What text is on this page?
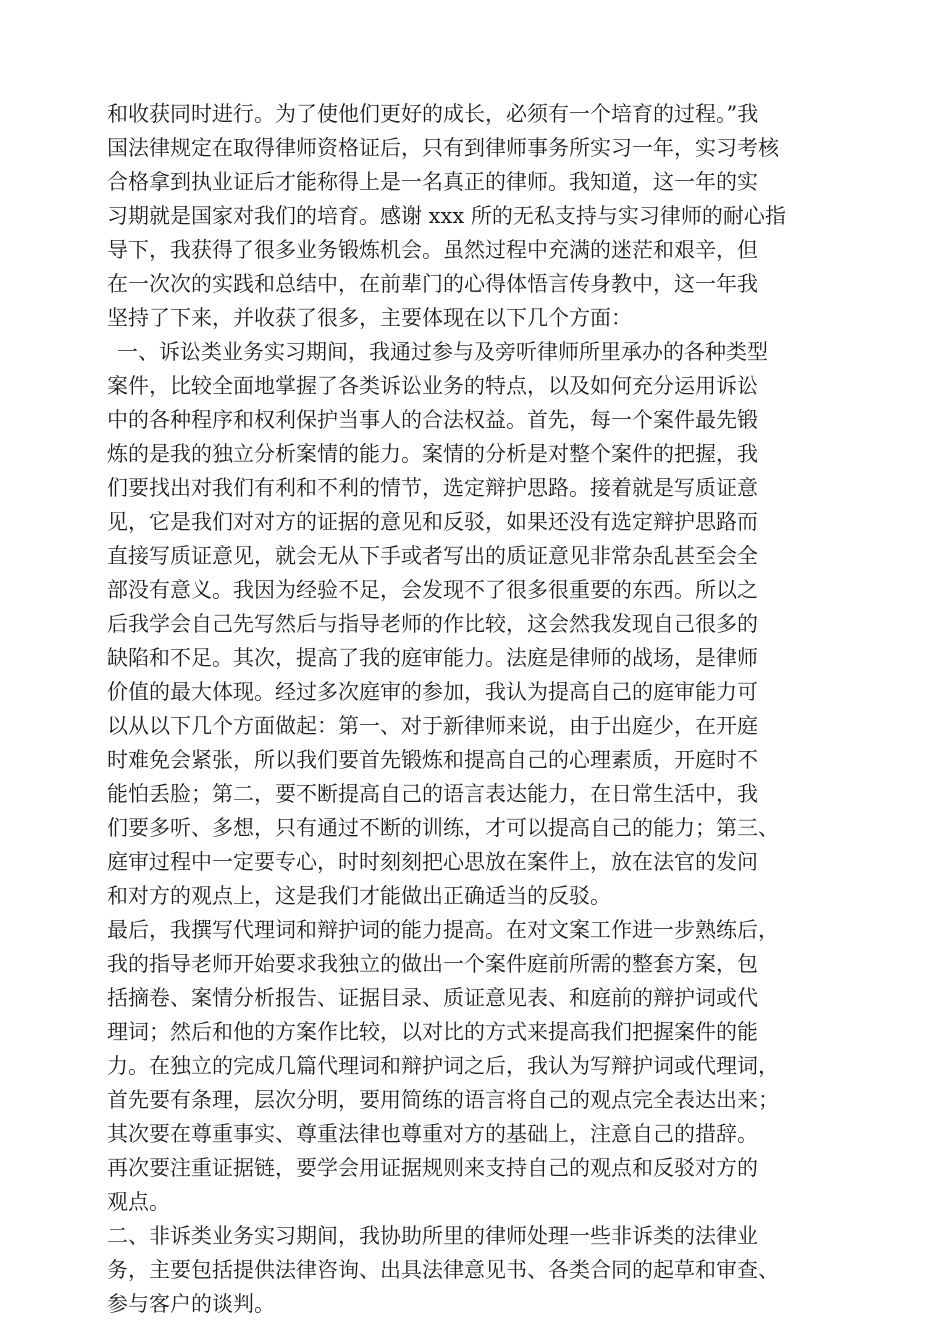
和收获同时进行。为了使他们更好的成长，必须有一个培育的过程。”我
国法律规定在取得律师资格证后，只有到律师事务所实习一年，实习考核
合格拿到执业证后才能称得上是一名真正的律师。我知道，这一年的实
习期就是国家对我们的培育。感谢 xxx 所的无私支持与实习律师的耐心指
导下，我获得了很多业务锻炼机会。虽然过程中充满的迷茫和艰辛，但
在一次次的实践和总结中，在前辈门的心得体悟言传身教中，这一年我
坚持了下来，并收获了很多，主要体现在以下几个方面：
一、诉讼类业务实习期间，我通过参与及旁听律师所里承办的各种类型
案件，比较全面地掌握了各类诉讼业务的特点，以及如何充分运用诉讼
中的各种程序和权利保护当事人的合法权益。首先，每一个案件最先锻
炼的是我的独立分析案情的能力。案情的分析是对整个案件的把握，我
们要找出对我们有利和不利的情节，选定辩护思路。接着就是写质证意
见，它是我们对对方的证据的意见和反驳，如果还没有选定辩护思路而
直接写质证意见，就会无从下手或者写出的质证意见非常杂乱甚至会全
部没有意义。我因为经验不足，会发现不了很多很重要的东西。所以之
后我学会自己先写然后与指导老师的作比较，这会然我发现自己很多的
缺陷和不足。其次，提高了我的庭审能力。法庭是律师的战场，是律师
价值的最大体现。经过多次庭审的参加，我认为提高自己的庭审能力可
以从以下几个方面做起：第一、对于新律师来说，由于出庭少，在开庭
时难免会紧张，所以我们要首先锻炼和提高自己的心理素质，开庭时不
能怕丢脸；第二，要不断提高自己的语言表达能力，在日常生活中，我
们要多听、多想，只有通过不断的训练，才可以提高自己的能力；第三、
庭审过程中一定要专心，时时刻刻把心思放在案件上，放在法官的发问
和对方的观点上，这是我们才能做出正确适当的反驳。
最后，我撰写代理词和辩护词的能力提高。在对文案工作进一步熟练后，
我的指导老师开始要求我独立的做出一个案件庭前所需的整套方案，包
括摘卷、案情分析报告、证据目录、质证意见表、和庭前的辩护词或代
理词；然后和他的方案作比较，以对比的方式来提高我们把握案件的能
力。在独立的完成几篇代理词和辩护词之后，我认为写辩护词或代理词，
首先要有条理，层次分明，要用简练的语言将自己的观点完全表达出来；
其次要在尊重事实、尊重法律也尊重对方的基础上，注意自己的措辞。
再次要注重证据链，要学会用证据规则来支持自己的观点和反驳对方的
观点。
二、非诉类业务实习期间，我协助所里的律师处理一些非诉类的法律业
务，主要包括提供法律咨询、出具法律意见书、各类合同的起草和审查、
参与客户的谈判。
